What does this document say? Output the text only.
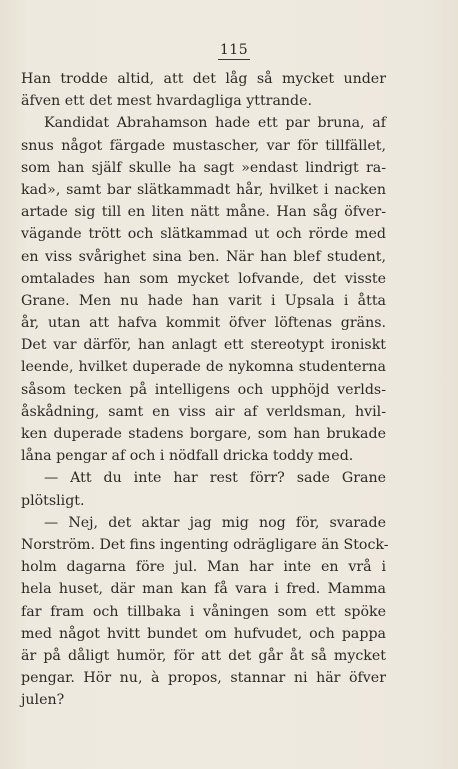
115
Han trodde altid, att det låg så mycket under
äfven ett det mest hvardagliga yttrande.
Kandidat Abrahamson hade ett par bruna, af
snus något färgade mustascher, var för tillfället,
som han själf skulle ha sagt »endast lindrigt ra-
kad», samt bar slätkammadt hår, hvilket i nacken
artade sig till en liten nätt måne. Han såg öfver-
vägande trött och slätkammad ut och rörde med
en viss svårighet sina ben. När han blef student,
omtalades han som mycket lofvande, det visste
Grane. Men nu hade han varit i Upsala i åtta
år, utan att hafva kommit öfver löftenas gräns.
Det var därför, han anlagt ett stereotypt ironiskt
leende, hvilket duperade de nykomna studenterna
såsom tecken på intelligens och upphöjd verlds-
åskådning, samt en viss air af verldsman, hvil-
ken duperade stadens borgare, som han brukade
låna pengar af och i nödfall dricka toddy med.
— Att du inte har rest förr? sade Grane
plötsligt.
— Nej, det aktar jag mig nog för, svarade
Norström. Det fins ingenting odrägligare än Stock-
holm dagarna före jul. Man har inte en vrå i
hela huset, där man kan få vara i fred. Mamma
far fram och tillbaka i våningen som ett spöke
med något hvitt bundet om hufvudet, och pappa
är på dåligt humör, för att det går åt så mycket
pengar. Hör nu, à propos, stannar ni här öfver
julen?
